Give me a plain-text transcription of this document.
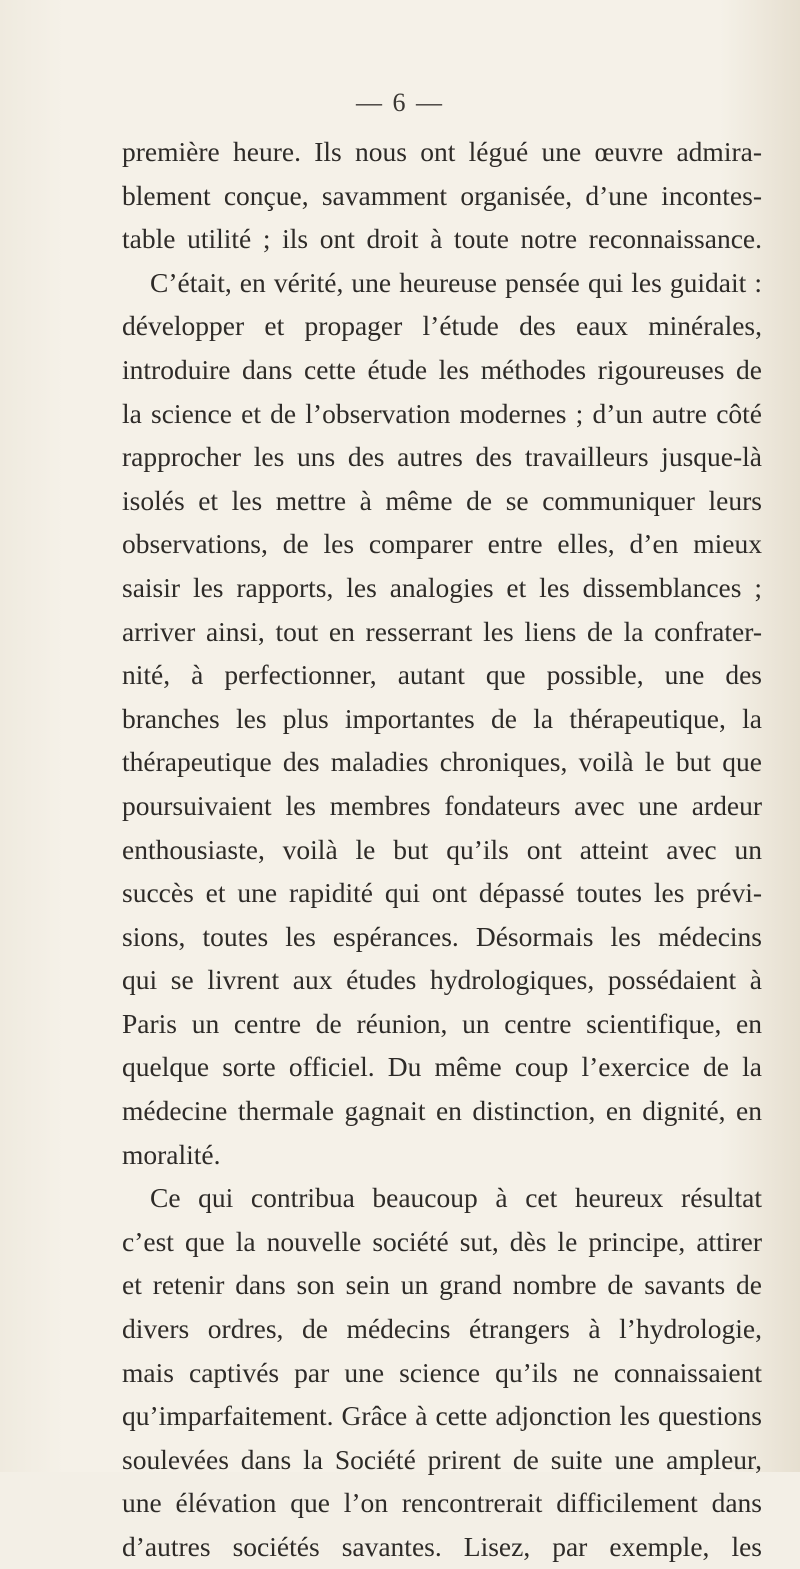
— 6 —
première heure. Ils nous ont légué une œuvre admira-
blement conçue, savamment organisée, d’une incontes-
table utilité ; ils ont droit à toute notre reconnaissance.
C’était, en vérité, une heureuse pensée qui les guidait :
développer et propager l’étude des eaux minérales,
introduire dans cette étude les méthodes rigoureuses de
la science et de l’observation modernes ; d’un autre côté
rapprocher les uns des autres des travailleurs jusque-là
isolés et les mettre à même de se communiquer leurs
observations, de les comparer entre elles, d’en mieux
saisir les rapports, les analogies et les dissemblances ;
arriver ainsi, tout en resserrant les liens de la confrater-
nité, à perfectionner, autant que possible, une des
branches les plus importantes de la thérapeutique, la
thérapeutique des maladies chroniques, voilà le but que
poursuivaient les membres fondateurs avec une ardeur
enthousiaste, voilà le but qu’ils ont atteint avec un
succès et une rapidité qui ont dépassé toutes les prévi-
sions, toutes les espérances. Désormais les médecins
qui se livrent aux études hydrologiques, possédaient à
Paris un centre de réunion, un centre scientifique, en
quelque sorte officiel. Du même coup l’exercice de la
médecine thermale gagnait en distinction, en dignité, en
moralité.
Ce qui contribua beaucoup à cet heureux résultat
c’est que la nouvelle société sut, dès le principe, attirer
et retenir dans son sein un grand nombre de savants de
divers ordres, de médecins étrangers à l’hydrologie,
mais captivés par une science qu’ils ne connaissaient
qu’imparfaitement. Grâce à cette adjonction les questions
soulevées dans la Société prirent de suite une ampleur,
une élévation que l’on rencontrerait difficilement dans
d’autres sociétés savantes. Lisez, par exemple, les
